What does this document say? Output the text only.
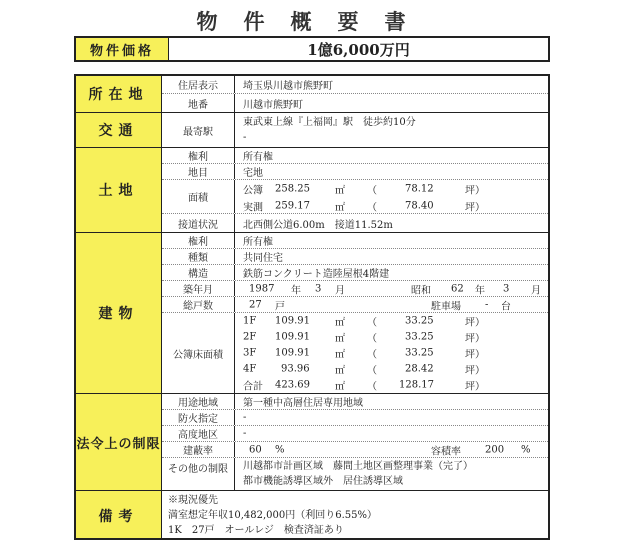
物件概要書
物件価格	1億6,000万円
所在地
住居表示	埼玉県川越市熊野町
地番	川越市熊野町
交通	最寄駅
東武東上線『上福岡』駅　徒歩約10分
-
土地
権利	所有権
地目	宅地
面積
公簿 258.25	㎡ （	78.12	坪）
実測 259.17	㎡ （	78.40	坪）
接道状況	北西側公道6.00m　接道11.52m
建物
権利	所有権
種類	共同住宅
構造	鉄筋コンクリート造陸屋根4階建
築年月	1987 年 3 月	昭和 62 年 3 月
総戸数	27 戸	駐車場 - 台
公簿床面積
1F 109.91	㎡ （	33.25	坪）
2F 109.91	㎡ （	33.25	坪）
3F 109.91	㎡ （	33.25	坪）
4F 93.96	㎡ （	28.42	坪）
合計 423.69	㎡ （ 128.17	坪）
法令上の制限
用途地域	第一種中高層住居専用地域
防火指定	-
高度地区	-
建蔽率	60 %	容積率 200 %
その他の制限	川越都市計画区域　藤間土地区画整理事業（完了）
都市機能誘導区域外　居住誘導区域
備考
※現況優先
満室想定年収10,482,000円（利回り6.55%）
1K　27戸　オールレジ　検査済証あり
